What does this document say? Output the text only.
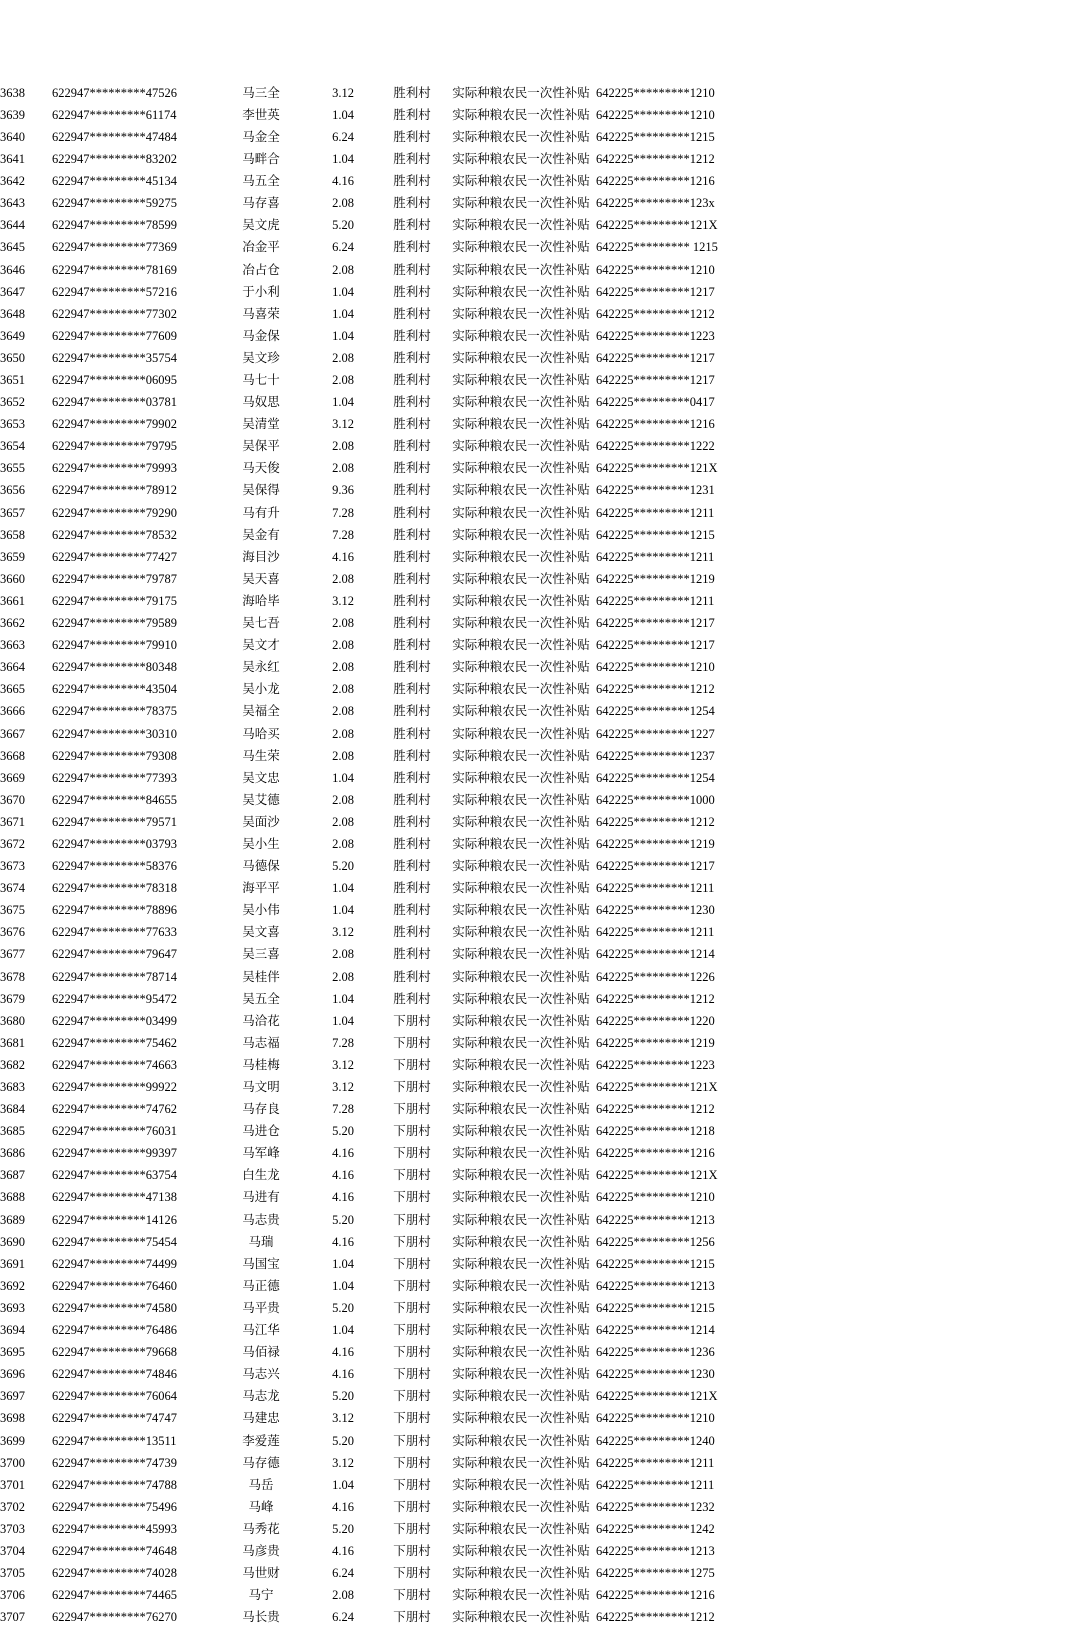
3638	622947*********47526	马三全	3.12	胜利村	实际种粮农民一次性补贴	642225*********1210
3639	622947*********61174	李世英	1.04	胜利村	实际种粮农民一次性补贴	642225*********1210
3640	622947*********47484	马金全	6.24	胜利村	实际种粮农民一次性补贴	642225*********1215
3641	622947*********83202	马畔合	1.04	胜利村	实际种粮农民一次性补贴	642225*********1212
3642	622947*********45134	马五全	4.16	胜利村	实际种粮农民一次性补贴	642225*********1216
3643	622947*********59275	马存喜	2.08	胜利村	实际种粮农民一次性补贴	642225*********123x
3644	622947*********78599	吴文虎	5.20	胜利村	实际种粮农民一次性补贴	642225*********121X
3645	622947*********77369	冶金平	6.24	胜利村	实际种粮农民一次性补贴	642225********* 1215
3646	622947*********78169	冶占仓	2.08	胜利村	实际种粮农民一次性补贴	642225*********1210
3647	622947*********57216	于小利	1.04	胜利村	实际种粮农民一次性补贴	642225*********1217
3648	622947*********77302	马喜荣	1.04	胜利村	实际种粮农民一次性补贴	642225*********1212
3649	622947*********77609	马金保	1.04	胜利村	实际种粮农民一次性补贴	642225*********1223
3650	622947*********35754	吴文珍	2.08	胜利村	实际种粮农民一次性补贴	642225*********1217
3651	622947*********06095	马七十	2.08	胜利村	实际种粮农民一次性补贴	642225*********1217
3652	622947*********03781	马奴思	1.04	胜利村	实际种粮农民一次性补贴	642225*********0417
3653	622947*********79902	吴清堂	3.12	胜利村	实际种粮农民一次性补贴	642225*********1216
3654	622947*********79795	吴保平	2.08	胜利村	实际种粮农民一次性补贴	642225*********1222
3655	622947*********79993	马天俊	2.08	胜利村	实际种粮农民一次性补贴	642225*********121X
3656	622947*********78912	吴保得	9.36	胜利村	实际种粮农民一次性补贴	642225*********1231
3657	622947*********79290	马有升	7.28	胜利村	实际种粮农民一次性补贴	642225*********1211
3658	622947*********78532	吴金有	7.28	胜利村	实际种粮农民一次性补贴	642225*********1215
3659	622947*********77427	海目沙	4.16	胜利村	实际种粮农民一次性补贴	642225*********1211
3660	622947*********79787	吴天喜	2.08	胜利村	实际种粮农民一次性补贴	642225*********1219
3661	622947*********79175	海哈毕	3.12	胜利村	实际种粮农民一次性补贴	642225*********1211
3662	622947*********79589	吴七吾	2.08	胜利村	实际种粮农民一次性补贴	642225*********1217
3663	622947*********79910	吴文才	2.08	胜利村	实际种粮农民一次性补贴	642225*********1217
3664	622947*********80348	吴永红	2.08	胜利村	实际种粮农民一次性补贴	642225*********1210
3665	622947*********43504	吴小龙	2.08	胜利村	实际种粮农民一次性补贴	642225*********1212
3666	622947*********78375	吴福全	2.08	胜利村	实际种粮农民一次性补贴	642225*********1254
3667	622947*********30310	马哈买	2.08	胜利村	实际种粮农民一次性补贴	642225*********1227
3668	622947*********79308	马生荣	2.08	胜利村	实际种粮农民一次性补贴	642225*********1237
3669	622947*********77393	吴文忠	1.04	胜利村	实际种粮农民一次性补贴	642225*********1254
3670	622947*********84655	吴艾德	2.08	胜利村	实际种粮农民一次性补贴	642225*********1000
3671	622947*********79571	吴面沙	2.08	胜利村	实际种粮农民一次性补贴	642225*********1212
3672	622947*********03793	吴小生	2.08	胜利村	实际种粮农民一次性补贴	642225*********1219
3673	622947*********58376	马德保	5.20	胜利村	实际种粮农民一次性补贴	642225*********1217
3674	622947*********78318	海平平	1.04	胜利村	实际种粮农民一次性补贴	642225*********1211
3675	622947*********78896	吴小伟	1.04	胜利村	实际种粮农民一次性补贴	642225*********1230
3676	622947*********77633	吴文喜	3.12	胜利村	实际种粮农民一次性补贴	642225*********1211
3677	622947*********79647	吴三喜	2.08	胜利村	实际种粮农民一次性补贴	642225*********1214
3678	622947*********78714	吴桂伴	2.08	胜利村	实际种粮农民一次性补贴	642225*********1226
3679	622947*********95472	吴五全	1.04	胜利村	实际种粮农民一次性补贴	642225*********1212
3680	622947*********03499	马洽花	1.04	下朋村	实际种粮农民一次性补贴	642225*********1220
3681	622947*********75462	马志福	7.28	下朋村	实际种粮农民一次性补贴	642225*********1219
3682	622947*********74663	马桂梅	3.12	下朋村	实际种粮农民一次性补贴	642225*********1223
3683	622947*********99922	马文明	3.12	下朋村	实际种粮农民一次性补贴	642225*********121X
3684	622947*********74762	马存良	7.28	下朋村	实际种粮农民一次性补贴	642225*********1212
3685	622947*********76031	马进仓	5.20	下朋村	实际种粮农民一次性补贴	642225*********1218
3686	622947*********99397	马军峰	4.16	下朋村	实际种粮农民一次性补贴	642225*********1216
3687	622947*********63754	白生龙	4.16	下朋村	实际种粮农民一次性补贴	642225*********121X
3688	622947*********47138	马进有	4.16	下朋村	实际种粮农民一次性补贴	642225*********1210
3689	622947*********14126	马志贵	5.20	下朋村	实际种粮农民一次性补贴	642225*********1213
3690	622947*********75454	马瑞	4.16	下朋村	实际种粮农民一次性补贴	642225*********1256
3691	622947*********74499	马国宝	1.04	下朋村	实际种粮农民一次性补贴	642225*********1215
3692	622947*********76460	马正德	1.04	下朋村	实际种粮农民一次性补贴	642225*********1213
3693	622947*********74580	马平贵	5.20	下朋村	实际种粮农民一次性补贴	642225*********1215
3694	622947*********76486	马江华	1.04	下朋村	实际种粮农民一次性补贴	642225*********1214
3695	622947*********79668	马佰禄	4.16	下朋村	实际种粮农民一次性补贴	642225*********1236
3696	622947*********74846	马志兴	4.16	下朋村	实际种粮农民一次性补贴	642225*********1230
3697	622947*********76064	马志龙	5.20	下朋村	实际种粮农民一次性补贴	642225*********121X
3698	622947*********74747	马建忠	3.12	下朋村	实际种粮农民一次性补贴	642225*********1210
3699	622947*********13511	李爱莲	5.20	下朋村	实际种粮农民一次性补贴	642225*********1240
3700	622947*********74739	马存德	3.12	下朋村	实际种粮农民一次性补贴	642225*********1211
3701	622947*********74788	马岳	1.04	下朋村	实际种粮农民一次性补贴	642225*********1211
3702	622947*********75496	马峰	4.16	下朋村	实际种粮农民一次性补贴	642225*********1232
3703	622947*********45993	马秀花	5.20	下朋村	实际种粮农民一次性补贴	642225*********1242
3704	622947*********74648	马彦贵	4.16	下朋村	实际种粮农民一次性补贴	642225*********1213
3705	622947*********74028	马世财	6.24	下朋村	实际种粮农民一次性补贴	642225*********1275
3706	622947*********74465	马宁	2.08	下朋村	实际种粮农民一次性补贴	642225*********1216
3707	622947*********76270	马长贵	6.24	下朋村	实际种粮农民一次性补贴	642225*********1212
